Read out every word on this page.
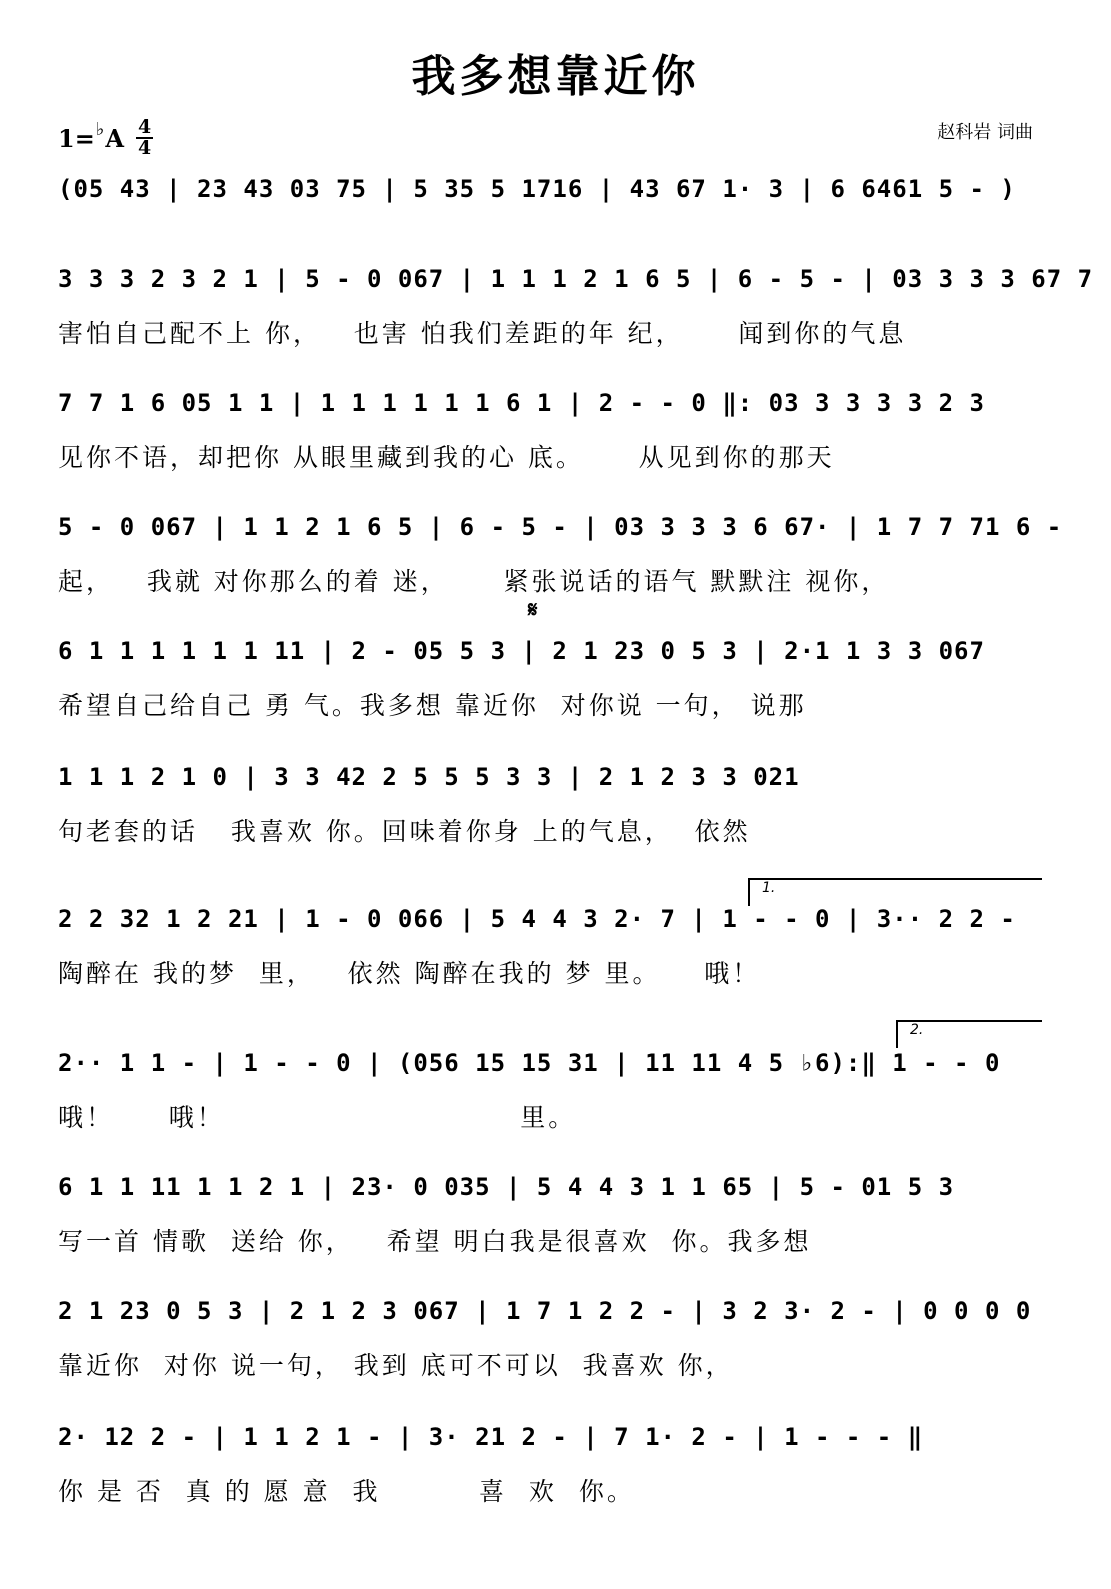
我多想靠近你
1= ♭ A $\frac{4}{4}$	赵科岩 词曲
𝄋
1.
2.
(05 43 | 23 43 03 75 | 5 35 5 1716 | 43 67 1· 3 | 6 6461 5 - )
3 3 3 2 3 2 1 | 5 - 0 067 | 1 1 1 2 1 6 5 | 6 - 5 - | 03 3 3 3 67 7
害怕自己配不上 你，   也害 怕我们差距的年 纪，     闻到你的气息
7 7 1 6 05 1 1 | 1 1 1 1 1 1 6 1 | 2 - - 0 ‖: 03 3 3 3 3 2 3
见你不语，却把你 从眼里藏到我的心 底。     从见到你的那天
5 - 0 067 | 1 1 2 1 6 5 | 6 - 5 - | 03 3 3 3 6 67· | 1 7 7 71 6 -
起，   我就 对你那么的着 迷，     紧张说话的语气 默默注 视你，
6 1 1 1 1 1 1 11 | 2 - 05 5 3 | 2 1 23 0 5 3 | 2·1 1 3 3 067
希望自己给自己 勇 气。我多想 靠近你  对你说 一句， 说那
1 1 1 2 1 0 | 3 3 42 2 5 5 5 3 3 | 2 1 2 3 3 021
句老套的话   我喜欢 你。回味着你身 上的气息，  依然
2 2 32 1 2 21 | 1 - 0 066 | 5 4 4 3 2· 7 | 1 - - 0 | 3·· 2 2 -
陶醉在 我的梦  里，   依然 陶醉在我的 梦 里。    哦！
2·· 1 1 - | 1 - - 0 | (056 15 15 31 | 11 11 4 5 ♭6):‖ 1 - - 0
哦！     哦！                           里。
6 1 1 11 1 1 2 1 | 23· 0 035 | 5 4 4 3 1 1 65 | 5 - 01 5 3
写一首 情歌  送给 你，   希望 明白我是很喜欢  你。我多想
2 1 23 0 5 3 | 2 1 2 3 067 | 1 7 1 2 2 - | 3 2 3· 2 - | 0 0 0 0
靠近你  对你 说一句， 我到 底可不可以  我喜欢 你，
2· 12 2 - | 1 1 2 1 - | 3· 21 2 - | 7 1· 2 - | 1 - - - ‖
你 是 否  真 的 愿 意  我         喜  欢  你。
